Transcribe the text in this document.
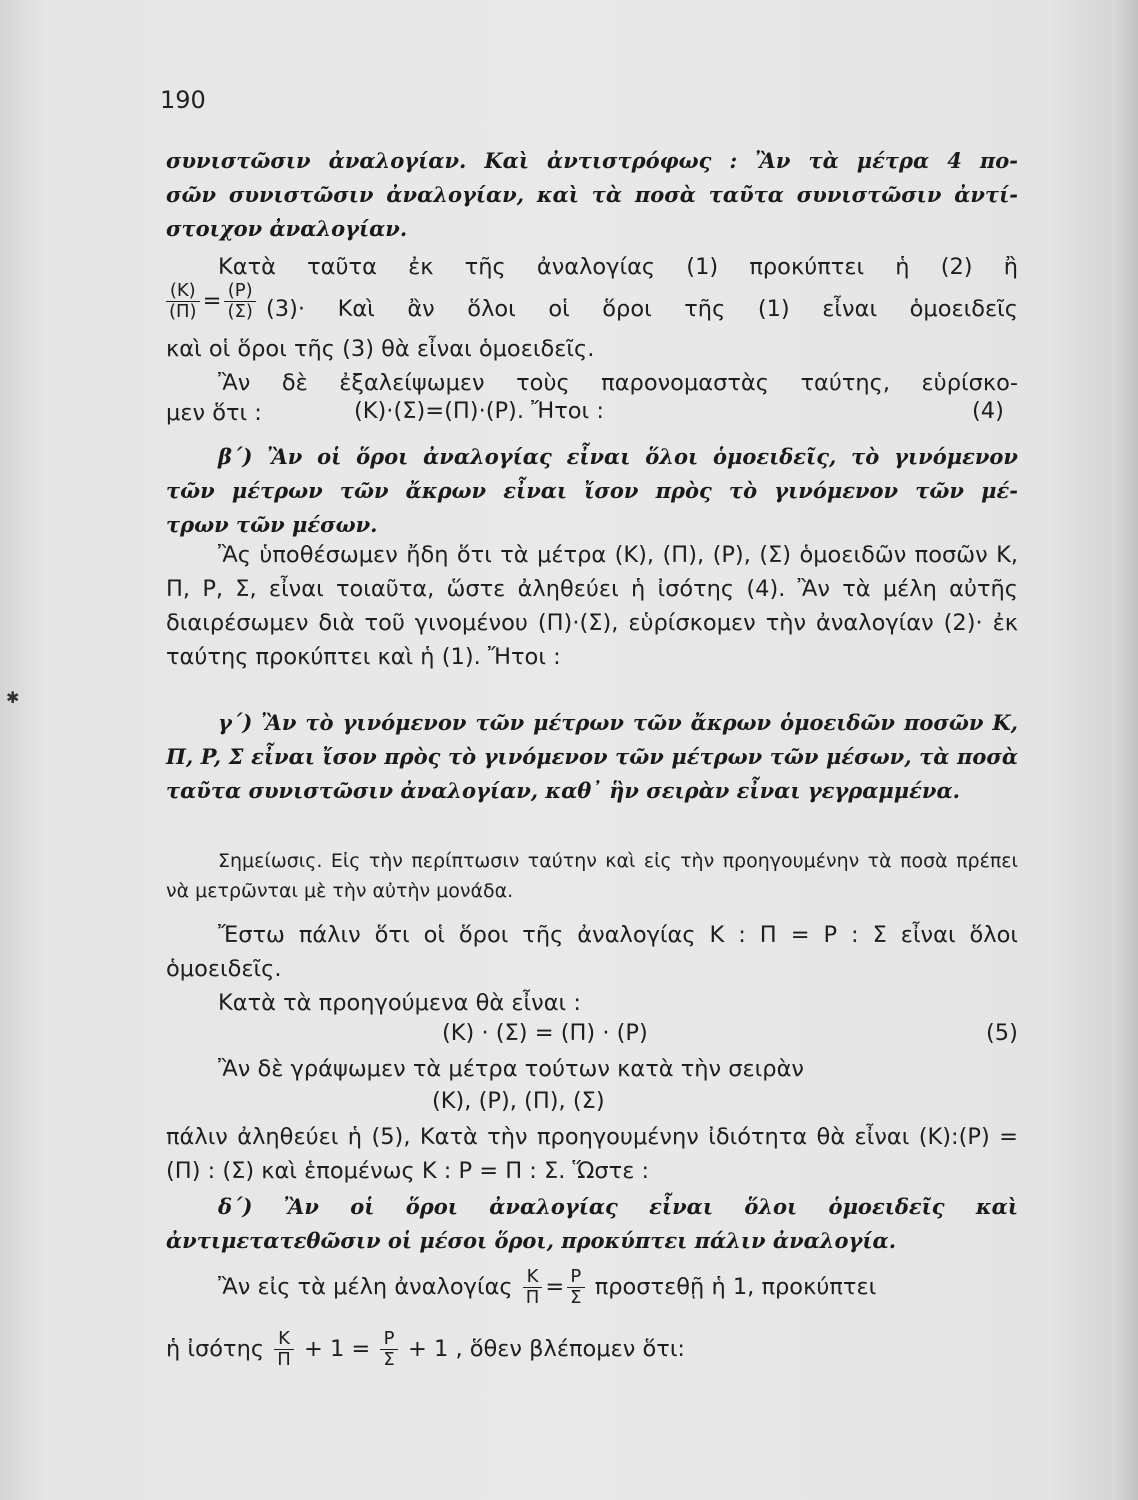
190
συνιστῶσιν ἀναλογίαν. Καὶ ἀντιστρόφως : Ἂν τὰ μέτρα 4 πο-
σῶν συνιστῶσιν ἀναλογίαν, καὶ τὰ ποσὰ ταῦτα συνιστῶσιν ἀντί-
στοιχον ἀναλογίαν.
Κατὰ ταῦτα ἐκ τῆς ἀναλογίας (1) προκύπτει ἡ (2) ἢ
$\frac{(K)}{(\Pi)} = \frac{(P)}{(\Sigma)} (3)\cdot$ Καὶ ἂν ὅλοι οἱ ὅροι τῆς (1) εἶναι ὁμοειδεῖς
καὶ οἱ ὅροι τῆς (3) θὰ εἶναι ὁμοειδεῖς.
Ἂν δὲ ἐξαλείψωμεν τοὺς παρονομαστὰς ταύτης, εὑρίσκο-
μεν ὅτι :	(K)·(Σ)=(Π)·(P). Ἤτοι :	(4)
β΄) Ἂν οἱ ὅροι ἀναλογίας εἶναι ὅλοι ὁμοειδεῖς, τὸ γινόμενον
τῶν μέτρων τῶν ἄκρων εἶναι ἴσον πρὸς τὸ γινόμενον τῶν μέ-
τρων τῶν μέσων.
Ἂς ὑποθέσωμεν ἤδη ὅτι τὰ μέτρα (K), (Π), (P), (Σ) ὁμοειδῶν ποσῶν K, Π, P, Σ, εἶναι τοιαῦτα, ὥστε ἀληθεύει ἡ ἰσότης (4). Ἂν τὰ μέλη αὐτῆς διαιρέσωμεν διὰ τοῦ γινομένου (Π)·(Σ), εὑρίσκομεν τὴν ἀναλογίαν (2)· ἐκ ταύτης προκύπτει καὶ ἡ (1). Ἤτοι :
γ΄) Ἂν τὸ γινόμενον τῶν μέτρων τῶν ἄκρων ὁμοειδῶν ποσῶν K, Π, P, Σ εἶναι ἴσον πρὸς τὸ γινόμενον τῶν μέτρων τῶν μέσων, τὰ ποσὰ ταῦτα συνιστῶσιν ἀναλογίαν, καθ᾿ ἣν σειρὰν εἶναι γεγραμμένα.
Σημείωσις. Εἰς τὴν περίπτωσιν ταύτην καὶ εἰς τὴν προηγουμένην τὰ ποσὰ πρέπει νὰ μετρῶνται μὲ τὴν αὐτὴν μονάδα.
Ἔστω πάλιν ὅτι οἱ ὅροι τῆς ἀναλογίας K : Π = P : Σ εἶναι ὅλοι ὁμοειδεῖς.
Κατὰ τὰ προηγούμενα θὰ εἶναι :
(K) · (Σ) = (Π) · (P)	(5)
Ἂν δὲ γράψωμεν τὰ μέτρα τούτων κατὰ τὴν σειρὰν
(K), (P), (Π), (Σ)
πάλιν ἀληθεύει ἡ (5), Κατὰ τὴν προηγουμένην ἰδιότητα θὰ εἶναι (K):(P) = (Π) : (Σ) καὶ ἑπομένως K : P = Π : Σ. Ὥστε :
δ΄) Ἂν οἱ ὅροι ἀναλογίας εἶναι ὅλοι ὁμοειδεῖς καὶ ἀντιμετατεθῶσιν οἱ μέσοι ὅροι, προκύπτει πάλιν ἀναλογία.
Ἂν εἰς τὰ μέλη ἀναλογίας $\frac{K}{\Pi} = \frac{P}{\Sigma}$ προστεθῇ ἡ 1, προκύπτει
ἡ ἰσότης $\frac{K}{\Pi} + 1 = \frac{P}{\Sigma} + 1$ , ὅθεν βλέπομεν ὅτι:
✱
